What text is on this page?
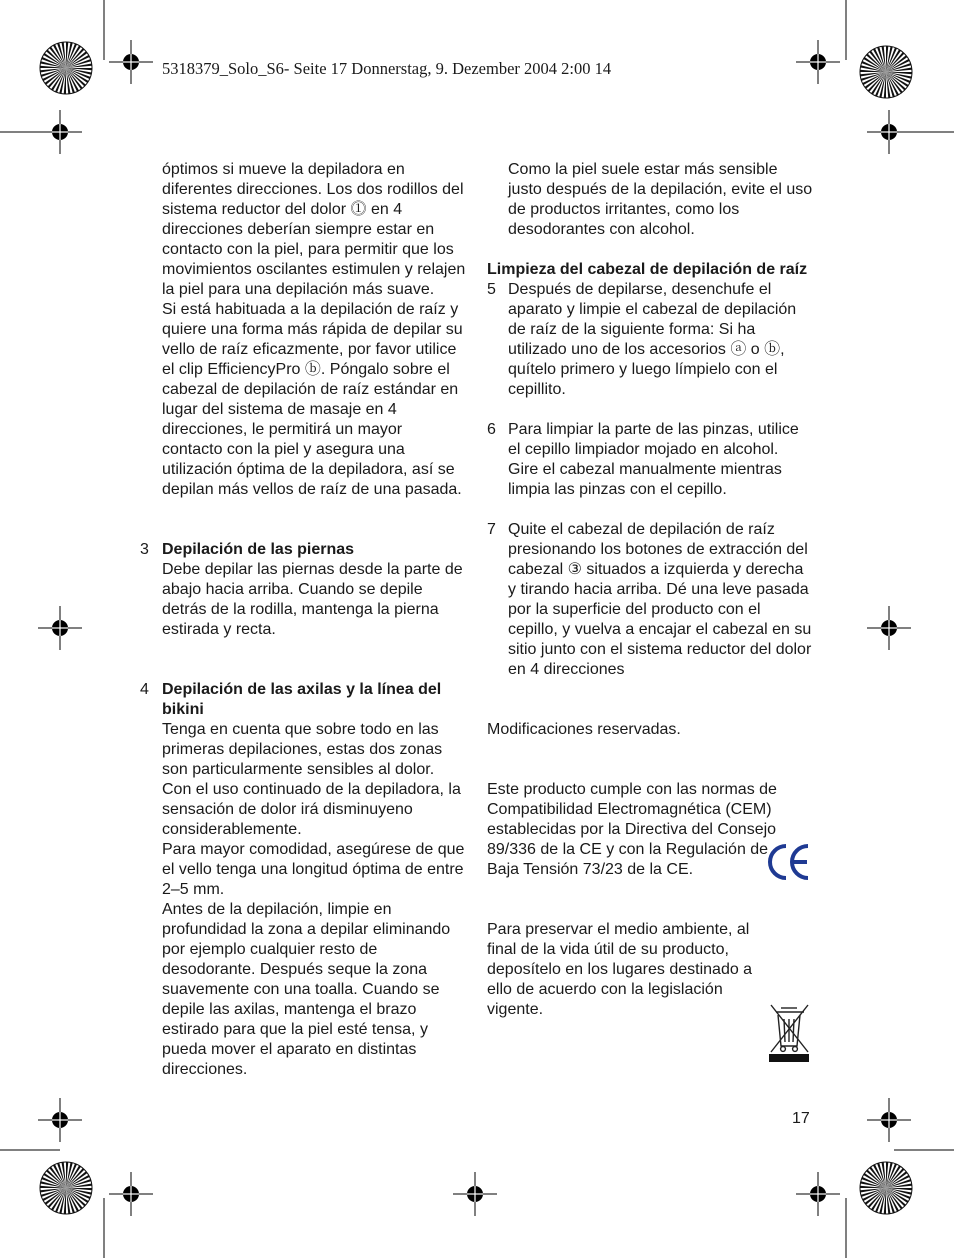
5318379_Solo_S6- Seite 17 Donnerstag, 9. Dezember 2004 2:00 14

óptimos si mueve la depiladora en diferentes direcciones. Los dos rodillos del sistema reductor del dolor ⓵ en 4 direcciones deberían siempre estar en contacto con la piel, para permitir que los movimientos oscilantes estimulen y relajen la piel para una depilación más suave.

Si está habituada a la depilación de raíz y quiere una forma más rápida de depilar su vello de raíz eficazmente, por favor utilice el clip EfficiencyPro ⓑ. Póngalo sobre el cabezal de depilación de raíz estándar en lugar del sistema de masaje en 4 direcciones, le permitirá un mayor contacto con la piel y asegura una utilización óptima de la depiladora, así se depilan más vellos de raíz de una pasada.

3 Depilación de las piernas

Debe depilar las piernas desde la parte de abajo hacia arriba. Cuando se depile detrás de la rodilla, mantenga la pierna estirada y recta.

4 Depilación de las axilas y la línea del bikini

Tenga en cuenta que sobre todo en las primeras depilaciones, estas dos zonas son particularmente sensibles al dolor. Con el uso continuado de la depiladora, la sensación de dolor irá disminuyeno considerablemente.

Para mayor comodidad, asegúrese de que el vello tenga una longitud óptima de entre 2–5 mm.

Antes de la depilación, limpie en profundidad la zona a depilar eliminando por ejemplo cualquier resto de desodorante. Después seque la zona suavemente con una toalla. Cuando se depile las axilas, mantenga el brazo estirado para que la piel esté tensa, y pueda mover el aparato en distintas direcciones.

Como la piel suele estar más sensible justo después de la depilación, evite el uso de productos irritantes, como los desodorantes con alcohol.

Limpieza del cabezal de depilación de raíz

5 Después de depilarse, desenchufe el aparato y limpie el cabezal de depilación de raíz de la siguiente forma: Si ha utilizado uno de los accesorios ⓐ o ⓑ, quítelo primero y luego límpielo con el cepillito.

6 Para limpiar la parte de las pinzas, utilice el cepillo limpiador mojado en alcohol. Gire el cabezal manualmente mientras limpia las pinzas con el cepillo.

7 Quite el cabezal de depilación de raíz presionando los botones de extracción del cabezal ③ situados a izquierda y derecha y tirando hacia arriba. Dé una leve pasada por la superficie del producto con el cepillo, y vuelva a encajar el cabezal en su sitio junto con el sistema reductor del dolor en 4 direcciones

Modificaciones reservadas.

Este producto cumple con las normas de Compatibilidad Electromagnética (CEM) establecidas por la Directiva del Consejo 89/336 de la CE y con la Regulación de Baja Tensión 73/23 de la CE.

Para preservar el medio ambiente, al final de la vida útil de su producto, deposítelo en los lugares destinado a ello de acuerdo con la legislación vigente.

17
